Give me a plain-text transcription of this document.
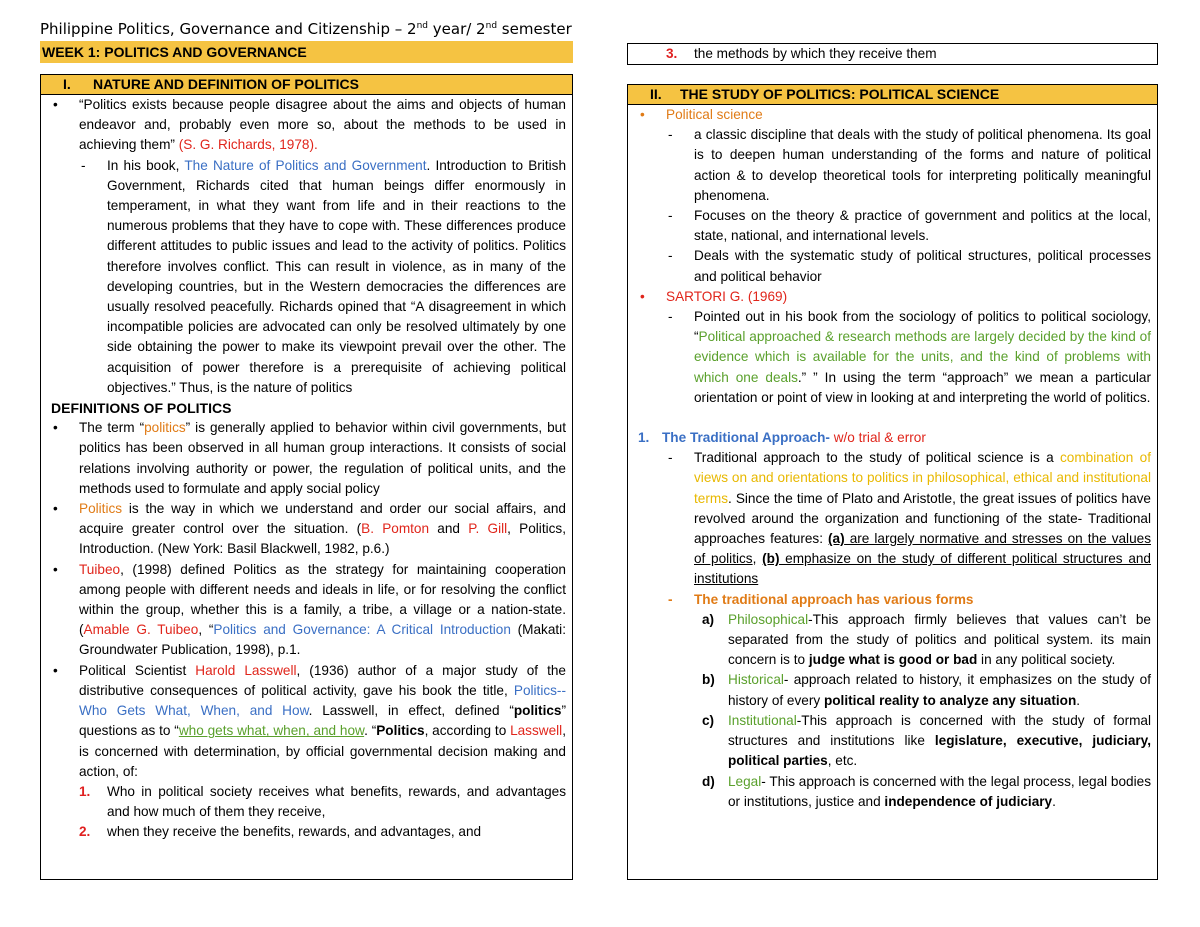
Philippine Politics, Governance and Citizenship – 2nd year/ 2nd semester
WEEK 1: POLITICS AND GOVERNANCE
I. NATURE AND DEFINITION OF POLITICS
• “Politics exists because people disagree about the aims and objects of human endeavor and, probably even more so, about the methods to be used in achieving them” (S. G. Richards, 1978).
- In his book, The Nature of Politics and Government. Introduction to British Government, Richards cited that human beings differ enormously in temperament, in what they want from life and in their reactions to the numerous problems that they have to cope with. These differences produce different attitudes to public issues and lead to the activity of politics. Politics therefore involves conflict. This can result in violence, as in many of the developing countries, but in the Western democracies the differences are usually resolved peacefully. Richards opined that “A disagreement in which incompatible policies are advocated can only be resolved ultimately by one side obtaining the power to make its viewpoint prevail over the other. The acquisition of power therefore is a prerequisite of achieving political objectives.” Thus, is the nature of politics
DEFINITIONS OF POLITICS
• The term “politics” is generally applied to behavior within civil governments, but politics has been observed in all human group interactions. It consists of social relations involving authority or power, the regulation of political units, and the methods used to formulate and apply social policy
• Politics is the way in which we understand and order our social affairs, and acquire greater control over the situation. (B. Pomton and P. Gill, Politics, Introduction. (New York: Basil Blackwell, 1982, p.6.)
• Tuibeo, (1998) defined Politics as the strategy for maintaining cooperation among people with different needs and ideals in life, or for resolving the conflict within the group, whether this is a family, a tribe, a village or a nation-state. (Amable G. Tuibeo, “Politics and Governance: A Critical Introduction (Makati: Groundwater Publication, 1998), p.1.
• Political Scientist Harold Lasswell, (1936) author of a major study of the distributive consequences of political activity, gave his book the title, Politics--Who Gets What, When, and How. Lasswell, in effect, defined “politics” questions as to “who gets what, when, and how. “Politics, according to Lasswell, is concerned with determination, by official governmental decision making and action, of:
1. Who in political society receives what benefits, rewards, and advantages and how much of them they receive,
2. when they receive the benefits, rewards, and advantages, and
3. the methods by which they receive them
II. THE STUDY OF POLITICS: POLITICAL SCIENCE
• Political science
- a classic discipline that deals with the study of political phenomena. Its goal is to deepen human understanding of the forms and nature of political action & to develop theoretical tools for interpreting politically meaningful phenomena.
- Focuses on the theory & practice of government and politics at the local, state, national, and international levels.
- Deals with the systematic study of political structures, political processes and political behavior
• SARTORI G. (1969)
- Pointed out in his book from the sociology of politics to political sociology, “Political approached & research methods are largely decided by the kind of evidence which is available for the units, and the kind of problems with which one deals.” ” In using the term “approach” we mean a particular orientation or point of view in looking at and interpreting the world of politics.
1. The Traditional Approach- w/o trial & error
- Traditional approach to the study of political science is a combination of views on and orientations to politics in philosophical, ethical and institutional terms. Since the time of Plato and Aristotle, the great issues of politics have revolved around the organization and functioning of the state- Traditional approaches features: (a) are largely normative and stresses on the values of politics, (b) emphasize on the study of different political structures and institutions
- The traditional approach has various forms
a) Philosophical-This approach firmly believes that values can’t be separated from the study of politics and political system. its main concern is to judge what is good or bad in any political society.
b) Historical- approach related to history, it emphasizes on the study of history of every political reality to analyze any situation.
c) Institutional-This approach is concerned with the study of formal structures and institutions like legislature, executive, judiciary, political parties, etc.
d) Legal- This approach is concerned with the legal process, legal bodies or institutions, justice and independence of judiciary.
